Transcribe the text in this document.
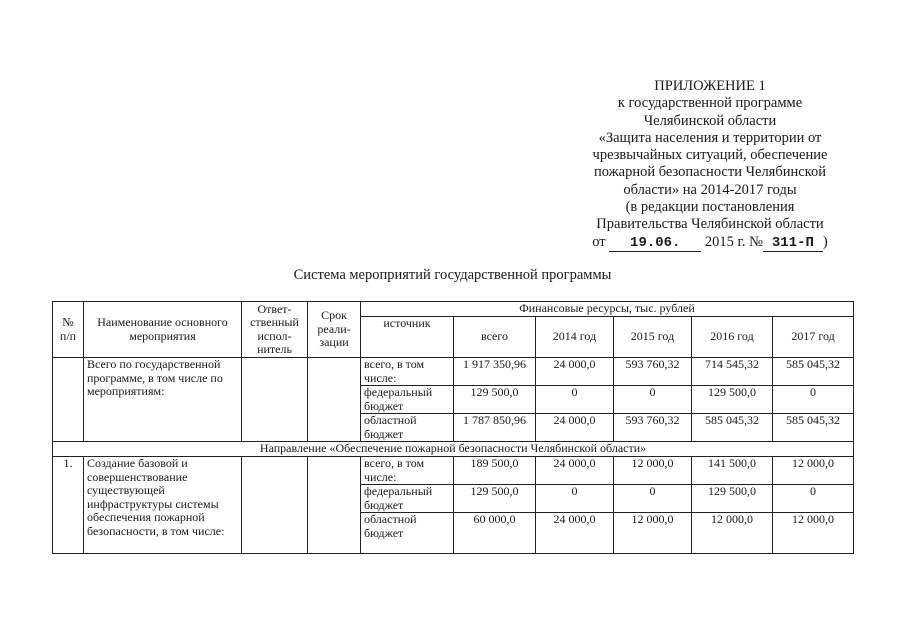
ПРИЛОЖЕНИЕ 1
к государственной программе
Челябинской области
«Защита населения и территории от
чрезвычайных ситуаций, обеспечение
пожарной безопасности Челябинской
области» на 2014-2017 годы
(в редакции постановления
Правительства Челябинской области
от 19.06. 2015 г. № 311-П )
Система мероприятий государственной программы
№ п/п	Наименование основного мероприятия	Ответ-ственный испол-нитель	Срок реали-зации	Финансовые ресурсы, тыс. рублей					
				источник	всего	2014 год	2015 год	2016 год	2017 год
	Всего по государственной программе, в том числе по мероприятиям:			всего, в том числе:	1 917 350,96	24 000,0	593 760,32	714 545,32	585 045,32
				федеральный бюджет	129 500,0	0	0	129 500,0	0
				областной бюджет	1 787 850,96	24 000,0	593 760,32	585 045,32	585 045,32
Направление «Обеспечение пожарной безопасности Челябинской области»									
1.	Создание базовой и совершенствование существующей инфраструктуры системы обеспечения пожарной безопасности, в том числе:			всего, в том числе:	189 500,0	24 000,0	12 000,0	141 500,0	12 000,0
				федеральный бюджет	129 500,0	0	0	129 500,0	0
				областной бюджет	60 000,0	24 000,0	12 000,0	12 000,0	12 000,0
